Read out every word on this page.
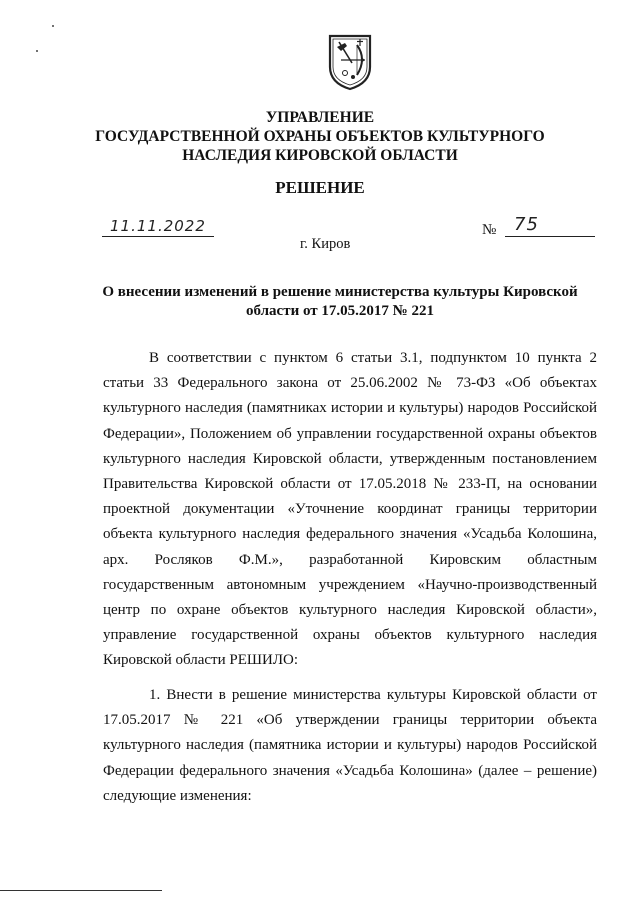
УПРАВЛЕНИЕ
ГОСУДАРСТВЕННОЙ ОХРАНЫ ОБЪЕКТОВ КУЛЬТУРНОГО
НАСЛЕДИЯ КИРОВСКОЙ ОБЛАСТИ
РЕШЕНИЕ
11.11.2022	№ 75
г. Киров
О внесении изменений в решение министерства культуры Кировской
области от 17.05.2017 № 221

В соответствии с пунктом 6 статьи 3.1, подпунктом 10 пункта 2 статьи 33 Федерального закона от 25.06.2002 № 73-ФЗ «Об объектах культурного наследия (памятниках истории и культуры) народов Российской Федерации», Положением об управлении государственной охраны объектов культурного наследия Кировской области, утвержденным постановлением Правительства Кировской области от 17.05.2018 № 233-П, на основании проектной документации «Уточнение координат границы территории объекта культурного наследия федерального значения «Усадьба Колошина, арх. Росляков Ф.М.», разработанной Кировским областным государственным автономным учреждением «Научно-производственный центр по охране объектов культурного наследия Кировской области», управление государственной охраны объектов культурного наследия Кировской области РЕШИЛО:

1. Внести в решение министерства культуры Кировской области от 17.05.2017 № 221 «Об утверждении границы территории объекта культурного наследия (памятника истории и культуры) народов Российской Федерации федерального значения «Усадьба Колошина» (далее – решение) следующие изменения:
